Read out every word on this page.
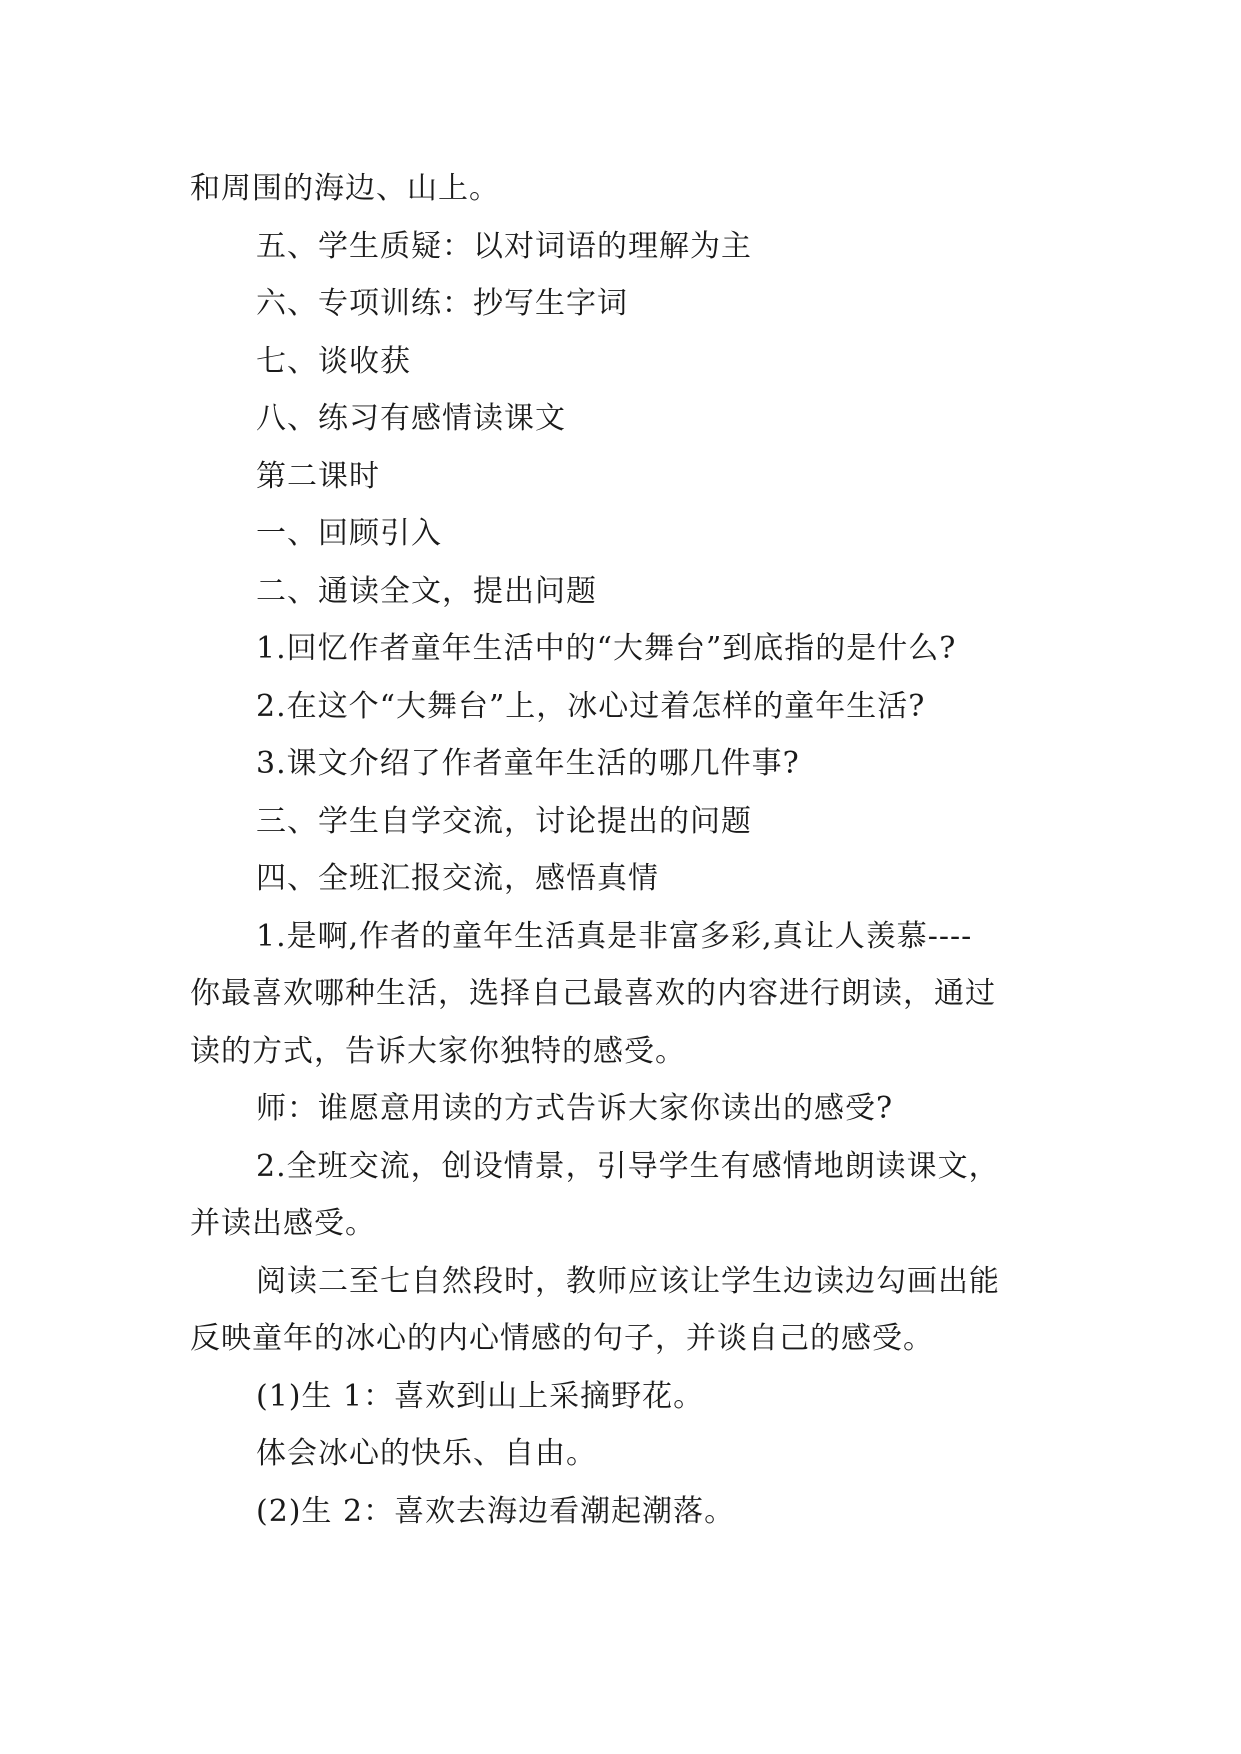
和周围的海边、山上。
五、学生质疑：以对词语的理解为主
六、专项训练：抄写生字词
七、谈收获
八、练习有感情读课文
第二课时
一、回顾引入
二、通读全文，提出问题
1.回忆作者童年生活中的“大舞台”到底指的是什么?
2.在这个“大舞台”上，冰心过着怎样的童年生活?
3.课文介绍了作者童年生活的哪几件事?
三、学生自学交流，讨论提出的问题
四、全班汇报交流，感悟真情
1.是啊,作者的童年生活真是非富多彩,真让人羡慕----
你最喜欢哪种生活，选择自己最喜欢的内容进行朗读，通过
读的方式，告诉大家你独特的感受。
师：谁愿意用读的方式告诉大家你读出的感受?
2.全班交流，创设情景，引导学生有感情地朗读课文，
并读出感受。
阅读二至七自然段时，教师应该让学生边读边勾画出能
反映童年的冰心的内心情感的句子，并谈自己的感受。
(1)生 1：喜欢到山上采摘野花。
体会冰心的快乐、自由。
(2)生 2：喜欢去海边看潮起潮落。
